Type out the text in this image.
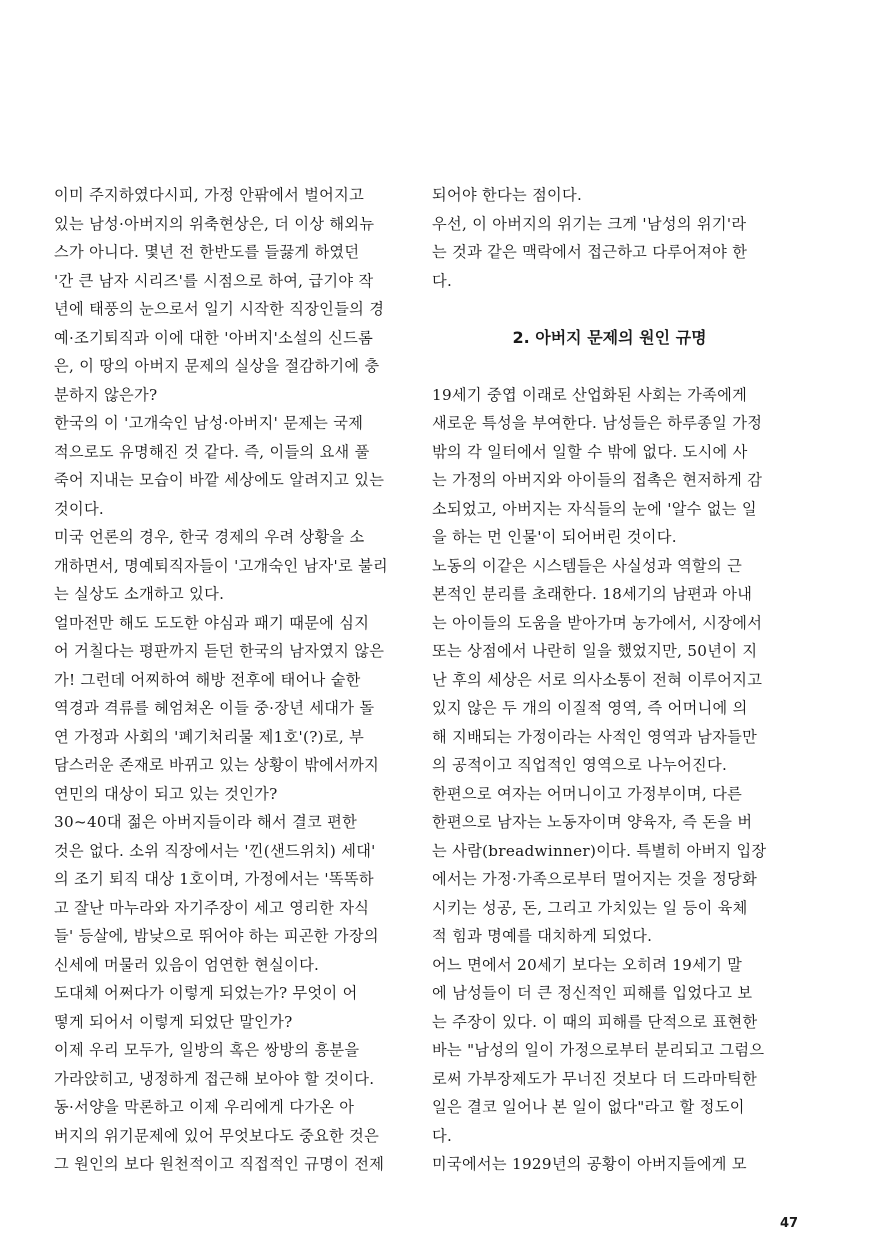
이미 주지하였다시피, 가정 안팎에서 벌어지고
있는 남성·아버지의 위축현상은, 더 이상 해외뉴
스가 아니다. 몇년 전 한반도를 들끓게 하였던
'간 큰 남자 시리즈'를 시점으로 하여, 급기야 작
년에 태풍의 눈으로서 일기 시작한 직장인들의 경
예·조기퇴직과 이에 대한 '아버지'소설의 신드롬
은, 이 땅의 아버지 문제의 실상을 절감하기에 충
분하지 않은가?
한국의 이 '고개숙인 남성·아버지' 문제는 국제
적으로도 유명해진 것 같다. 즉, 이들의 요새 풀
죽어 지내는 모습이 바깥 세상에도 알려지고 있는
것이다.
미국 언론의 경우, 한국 경제의 우려 상황을 소
개하면서, 명예퇴직자들이 '고개숙인 남자'로 불리
는 실상도 소개하고 있다.
얼마전만 해도 도도한 야심과 패기 때문에 심지
어 거칠다는 평판까지 듣던 한국의 남자였지 않은
가! 그런데 어찌하여 해방 전후에 태어나 숱한
역경과 격류를 헤엄쳐온 이들 중·장년 세대가 돌
연 가정과 사회의 '폐기처리물 제1호'(?)로, 부
담스러운 존재로 바뀌고 있는 상황이 밖에서까지
연민의 대상이 되고 있는 것인가?
30~40대 젊은 아버지들이라 해서 결코 편한
것은 없다. 소위 직장에서는 '낀(샌드위치) 세대'
의 조기 퇴직 대상 1호이며, 가정에서는 '똑똑하
고 잘난 마누라와 자기주장이 세고 영리한 자식
들' 등살에, 밤낮으로 뛰어야 하는 피곤한 가장의
신세에 머물러 있음이 엄연한 현실이다.
도대체 어쩌다가 이렇게 되었는가? 무엇이 어
떻게 되어서 이렇게 되었단 말인가?
이제 우리 모두가, 일방의 혹은 쌍방의 흥분을
가라앉히고, 냉정하게 접근해 보아야 할 것이다.
동·서양을 막론하고 이제 우리에게 다가온 아
버지의 위기문제에 있어 무엇보다도 중요한 것은
그 원인의 보다 원천적이고 직접적인 규명이 전제
되어야 한다는 점이다.
우선, 이 아버지의 위기는 크게 '남성의 위기'라
는 것과 같은 맥락에서 접근하고 다루어져야 한
다.
2. 아버지 문제의 원인 규명
19세기 중엽 이래로 산업화된 사회는 가족에게
새로운 특성을 부여한다. 남성들은 하루종일 가정
밖의 각 일터에서 일할 수 밖에 없다. 도시에 사
는 가정의 아버지와 아이들의 접촉은 현저하게 감
소되었고, 아버지는 자식들의 눈에 '알수 없는 일
을 하는 먼 인물'이 되어버린 것이다.
노동의 이같은 시스템들은 사실성과 역할의 근
본적인 분리를 초래한다. 18세기의 남편과 아내
는 아이들의 도움을 받아가며 농가에서, 시장에서
또는 상점에서 나란히 일을 했었지만, 50년이 지
난 후의 세상은 서로 의사소통이 전혀 이루어지고
있지 않은 두 개의 이질적 영역, 즉 어머니에 의
해 지배되는 가정이라는 사적인 영역과 남자들만
의 공적이고 직업적인 영역으로 나누어진다.
한편으로 여자는 어머니이고 가정부이며, 다른
한편으로 남자는 노동자이며 양육자, 즉 돈을 버
는 사람(breadwinner)이다. 특별히 아버지 입장
에서는 가정·가족으로부터 멀어지는 것을 정당화
시키는 성공, 돈, 그리고 가치있는 일 등이 육체
적 힘과 명예를 대치하게 되었다.
어느 면에서 20세기 보다는 오히려 19세기 말
에 남성들이 더 큰 정신적인 피해를 입었다고 보
는 주장이 있다. 이 때의 피해를 단적으로 표현한
바는 "남성의 일이 가정으로부터 분리되고 그럼으
로써 가부장제도가 무너진 것보다 더 드라마틱한
일은 결코 일어나 본 일이 없다"라고 할 정도이
다.
미국에서는 1929년의 공황이 아버지들에게 모
47
